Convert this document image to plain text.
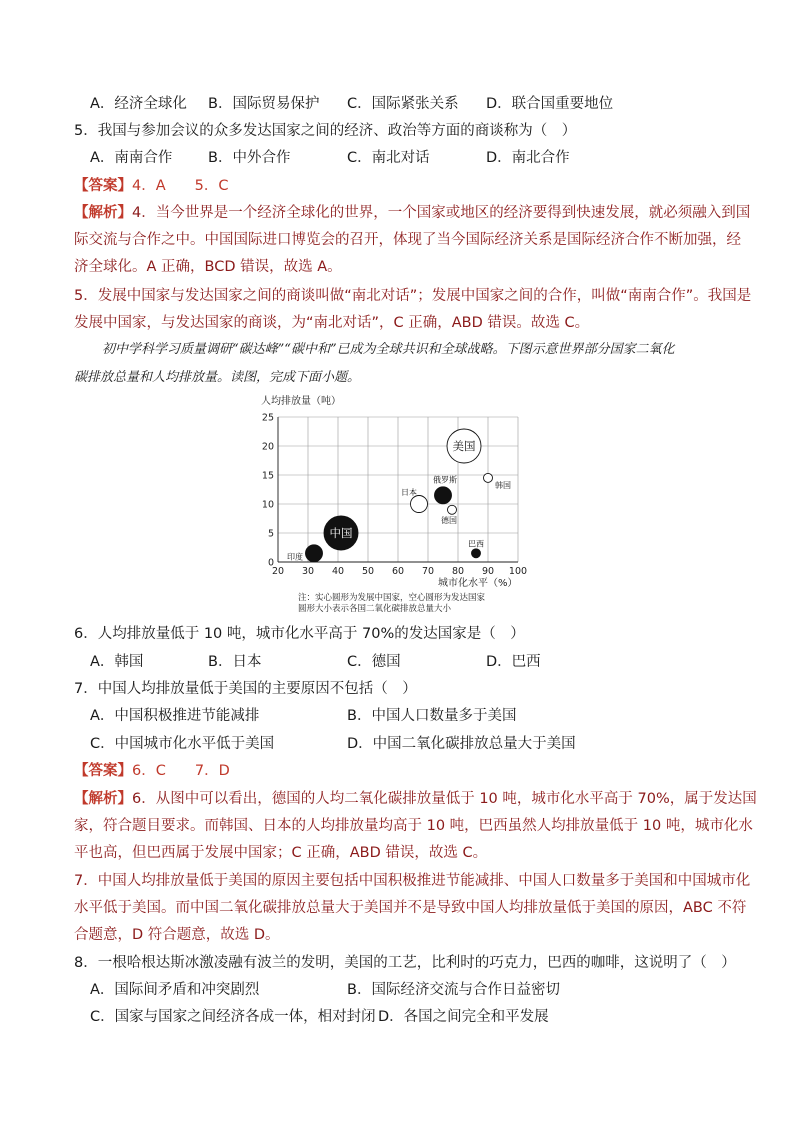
A．经济全球化 B．国际贸易保护 C．国际紧张关系 D．联合国重要地位
5．我国与参加会议的众多发达国家之间的经济、政治等方面的商谈称为（　）
A．南南合作 B．中外合作	C．南北对话	D．南北合作
【答案】4．A　　5．C
【解析】4．当今世界是一个经济全球化的世界，一个国家或地区的经济要得到快速发展，就必须融入到国
际交流与合作之中。中国国际进口博览会的召开，体现了当今国际经济关系是国际经济合作不断加强，经
济全球化。A 正确，BCD 错误，故选 A。
5．发展中国家与发达国家之间的商谈叫做“南北对话”；发展中国家之间的合作，叫做“南南合作”。我国是
发展中国家，与发达国家的商谈，为“南北对话”，C 正确，ABD 错误。故选 C。
初中学科学习质量调研“碳达峰”“碳中和”已成为全球共识和全球战略。下图示意世界部分国家二氧化
碳排放总量和人均排放量。读图，完成下面小题。
20 30 40 50 60 70 80 90 100
0
5
10
15
20
25
人均排放量（吨）
城市化水平（%）
美国
中国
俄罗斯
日本
印度
德国
韩国
巴西
注：实心圆形为发展中国家，空心圆形为发达国家
圆形大小表示各国二氧化碳排放总量大小
6．人均排放量低于 10 吨，城市化水平高于 70%的发达国家是（　）
A．韩国	B．日本	C．德国	D．巴西
7．中国人均排放量低于美国的主要原因不包括（　）
A．中国积极推进节能减排	B．中国人口数量多于美国
C．中国城市化水平低于美国	D．中国二氧化碳排放总量大于美国
【答案】6．C　　7．D
【解析】6．从图中可以看出，德国的人均二氧化碳排放量低于 10 吨，城市化水平高于 70%，属于发达国
家，符合题目要求。而韩国、日本的人均排放量均高于 10 吨，巴西虽然人均排放量低于 10 吨，城市化水
平也高，但巴西属于发展中国家；C 正确，ABD 错误，故选 C。
7．中国人均排放量低于美国的原因主要包括中国积极推进节能减排、中国人口数量多于美国和中国城市化
水平低于美国。而中国二氧化碳排放总量大于美国并不是导致中国人均排放量低于美国的原因，ABC 不符
合题意，D 符合题意，故选 D。
8．一根哈根达斯冰激凌融有波兰的发明，美国的工艺，比利时的巧克力，巴西的咖啡，这说明了（　）
A．国际间矛盾和冲突剧烈	B．国际经济交流与合作日益密切
C．国家与国家之间经济各成一体，相对封闭 D．各国之间完全和平发展
